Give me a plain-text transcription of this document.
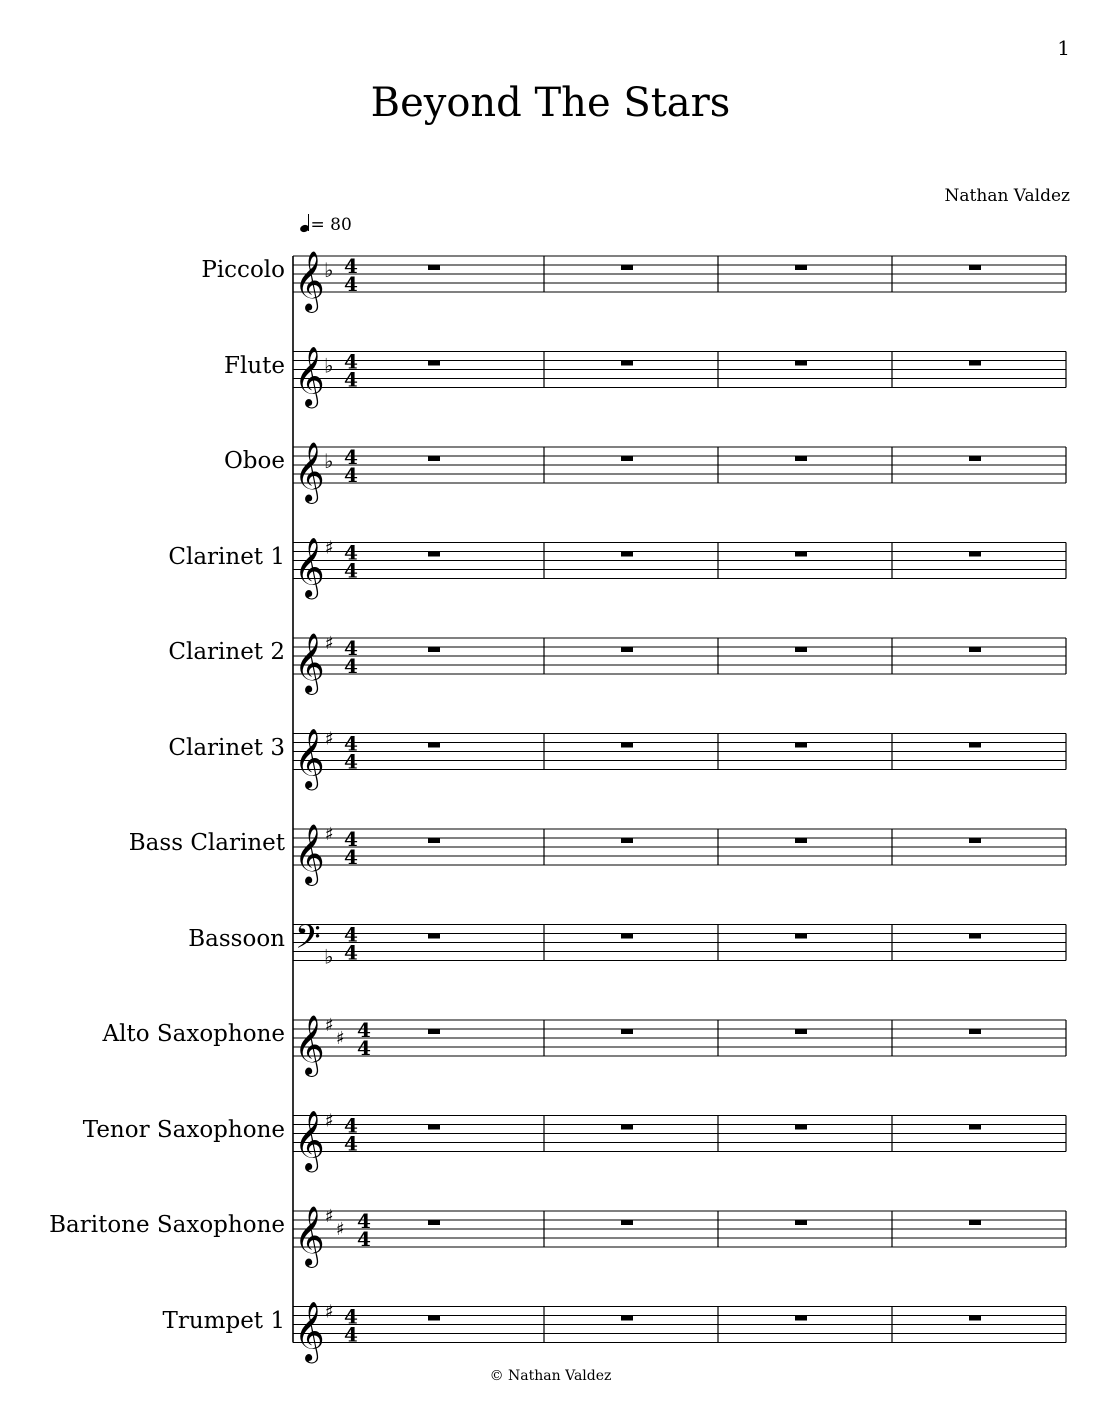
1
Beyond The Stars
Nathan Valdez
= 80
Piccolo
Flute
Oboe
Clarinet 1
Clarinet 2
Clarinet 3
Bass Clarinet
Bassoon
Alto Saxophone
Tenor Saxophone
Baritone Saxophone
Trumpet 1
𝄞 ♭ 4
4
𝄞 ♭ 4
4
𝄞 ♭ 4
4
𝄞 ♯ 4
4
𝄞 ♯ 4
4
𝄞 ♯ 4
4
𝄞 ♯ 4
4
𝄢 ♭
4
4
𝄞 ♯
♯ 4
4
𝄞 ♯ 4
4
𝄞 ♯
♯ 4
4
𝄞 ♯ 4
4
© Nathan Valdez
